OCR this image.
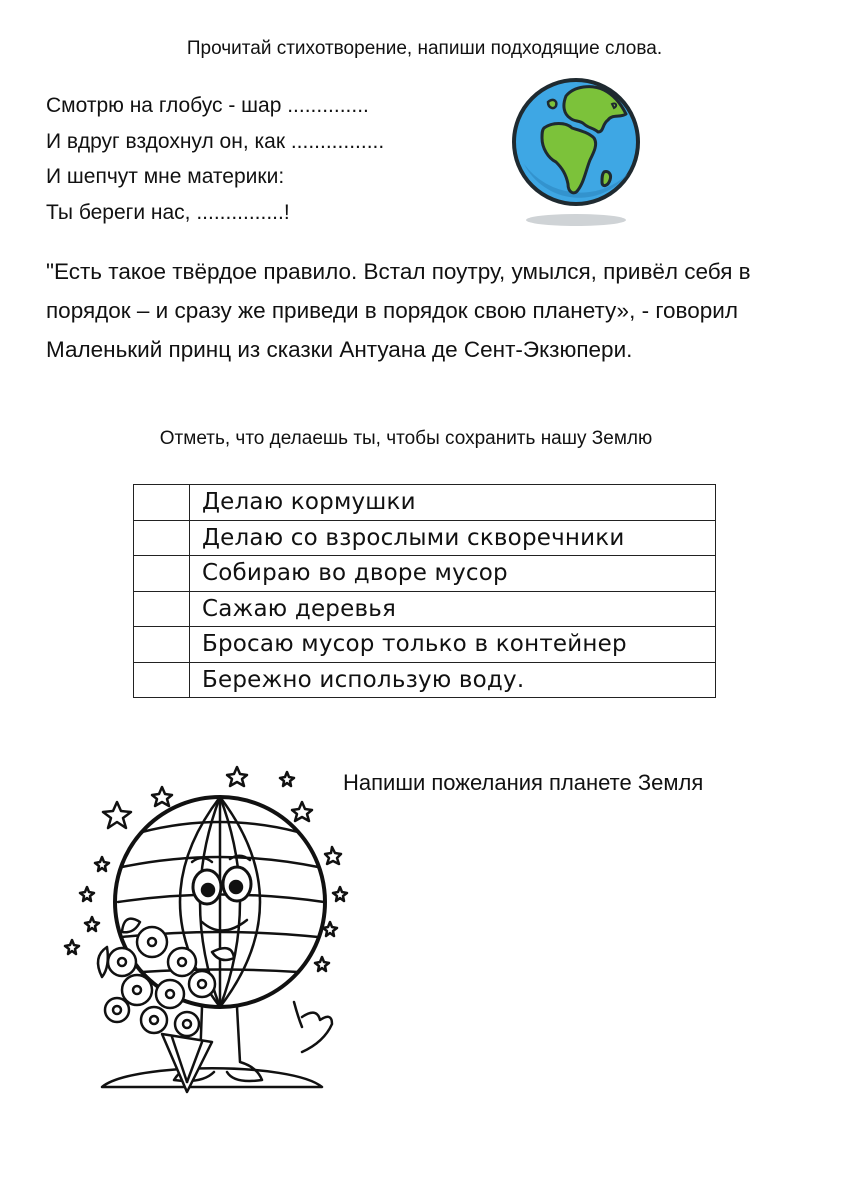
Прочитай стихотворение, напиши подходящие слова.
Смотрю на глобус - шар ..............
И вдруг вздохнул он, как ................
И шепчут мне материки:
Ты береги нас, ...............!
"Есть такое твёрдое правило. Встал поутру, умылся, привёл себя в порядок – и сразу же приведи в порядок свою планету», - говорил Маленький принц из сказки Антуана де Сент-Экзюпери.
Отметь, что делаешь ты, чтобы сохранить нашу Землю
	Делаю кормушки
	Делаю со взрослыми скворечники
	Собираю во дворе мусор
	Сажаю деревья
	Бросаю мусор только в контейнер
	Бережно использую воду.
Напиши пожелания планете Земля
